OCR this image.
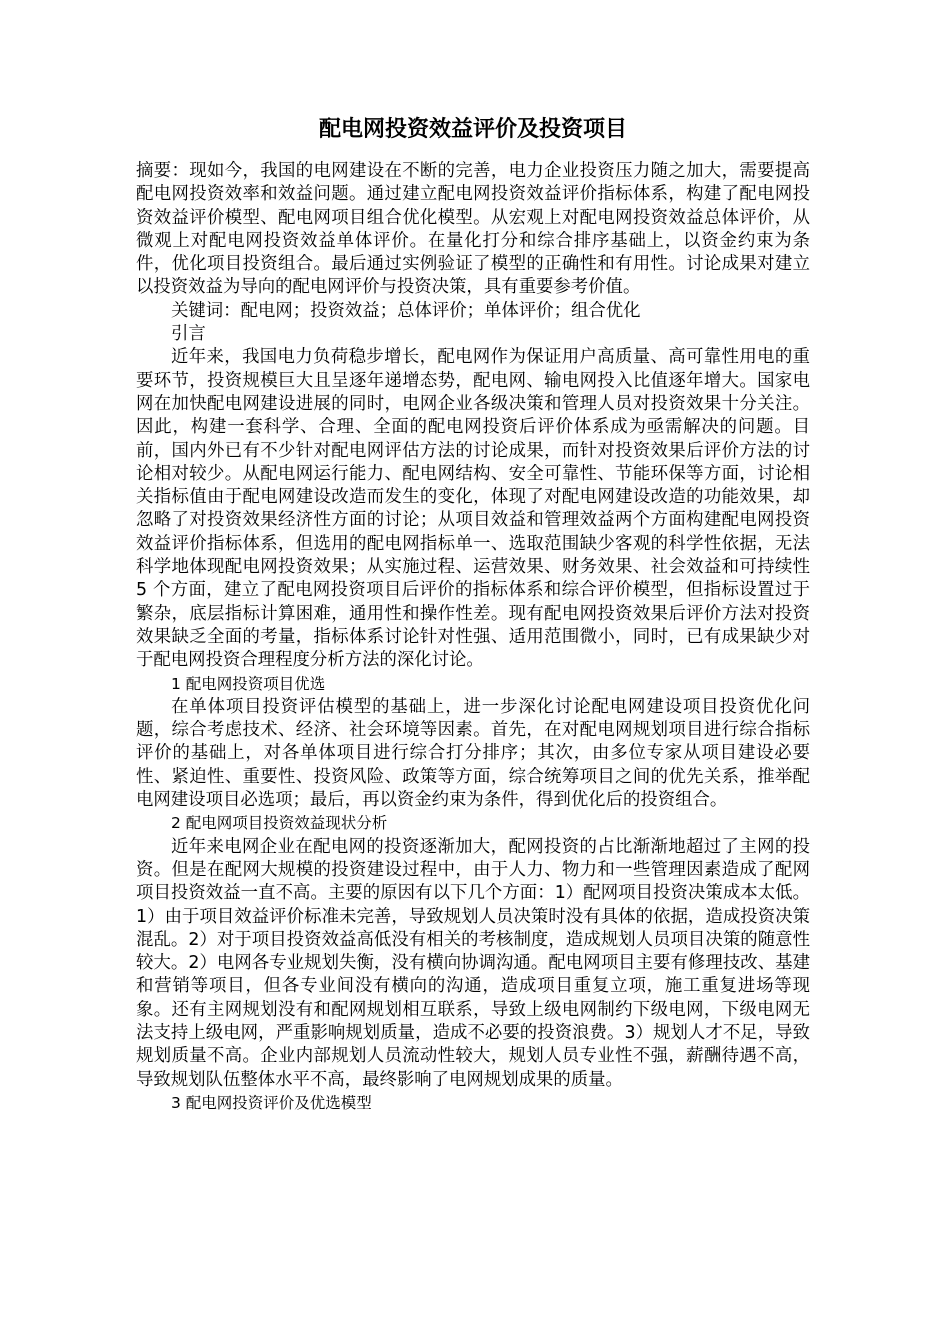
配电网投资效益评价及投资项目

摘要：现如今，我国的电网建设在不断的完善，电力企业投资压力随之加大，需要提高配电网投资效率和效益问题。通过建立配电网投资效益评价指标体系，构建了配电网投资效益评价模型、配电网项目组合优化模型。从宏观上对配电网投资效益总体评价，从微观上对配电网投资效益单体评价。在量化打分和综合排序基础上，以资金约束为条件，优化项目投资组合。最后通过实例验证了模型的正确性和有用性。讨论成果对建立以投资效益为导向的配电网评价与投资决策，具有重要参考价值。

关键词：配电网；投资效益；总体评价；单体评价；组合优化

引言

近年来，我国电力负荷稳步增长，配电网作为保证用户高质量、高可靠性用电的重要环节，投资规模巨大且呈逐年递增态势，配电网、输电网投入比值逐年增大。国家电网在加快配电网建设进展的同时，电网企业各级决策和管理人员对投资效果十分关注。因此，构建一套科学、合理、全面的配电网投资后评价体系成为亟需解决的问题。目前，国内外已有不少针对配电网评估方法的讨论成果，而针对投资效果后评价方法的讨论相对较少。从配电网运行能力、配电网结构、安全可靠性、节能环保等方面，讨论相关指标值由于配电网建设改造而发生的变化，体现了对配电网建设改造的功能效果，却忽略了对投资效果经济性方面的讨论；从项目效益和管理效益两个方面构建配电网投资效益评价指标体系，但选用的配电网指标单一、选取范围缺少客观的科学性依据，无法科学地体现配电网投资效果；从实施过程、运营效果、财务效果、社会效益和可持续性 5 个方面，建立了配电网投资项目后评价的指标体系和综合评价模型，但指标设置过于繁杂，底层指标计算困难，通用性和操作性差。现有配电网投资效果后评价方法对投资效果缺乏全面的考量，指标体系讨论针对性强、适用范围微小，同时，已有成果缺少对于配电网投资合理程度分析方法的深化讨论。

1 配电网投资项目优选

在单体项目投资评估模型的基础上，进一步深化讨论配电网建设项目投资优化问题，综合考虑技术、经济、社会环境等因素。首先，在对配电网规划项目进行综合指标评价的基础上，对各单体项目进行综合打分排序；其次，由多位专家从项目建设必要性、紧迫性、重要性、投资风险、政策等方面，综合统筹项目之间的优先关系，推举配电网建设项目必选项；最后，再以资金约束为条件，得到优化后的投资组合。

2 配电网项目投资效益现状分析

近年来电网企业在配电网的投资逐渐加大，配网投资的占比渐渐地超过了主网的投资。但是在配网大规模的投资建设过程中，由于人力、物力和一些管理因素造成了配网项目投资效益一直不高。主要的原因有以下几个方面：1）配网项目投资决策成本太低。1）由于项目效益评价标准未完善，导致规划人员决策时没有具体的依据，造成投资决策混乱。2）对于项目投资效益高低没有相关的考核制度，造成规划人员项目决策的随意性较大。2）电网各专业规划失衡，没有横向协调沟通。配电网项目主要有修理技改、基建和营销等项目，但各专业间没有横向的沟通，造成项目重复立项，施工重复进场等现象。还有主网规划没有和配网规划相互联系，导致上级电网制约下级电网，下级电网无法支持上级电网，严重影响规划质量，造成不必要的投资浪费。3）规划人才不足，导致规划质量不高。企业内部规划人员流动性较大，规划人员专业性不强，薪酬待遇不高，导致规划队伍整体水平不高，最终影响了电网规划成果的质量。

3 配电网投资评价及优选模型
